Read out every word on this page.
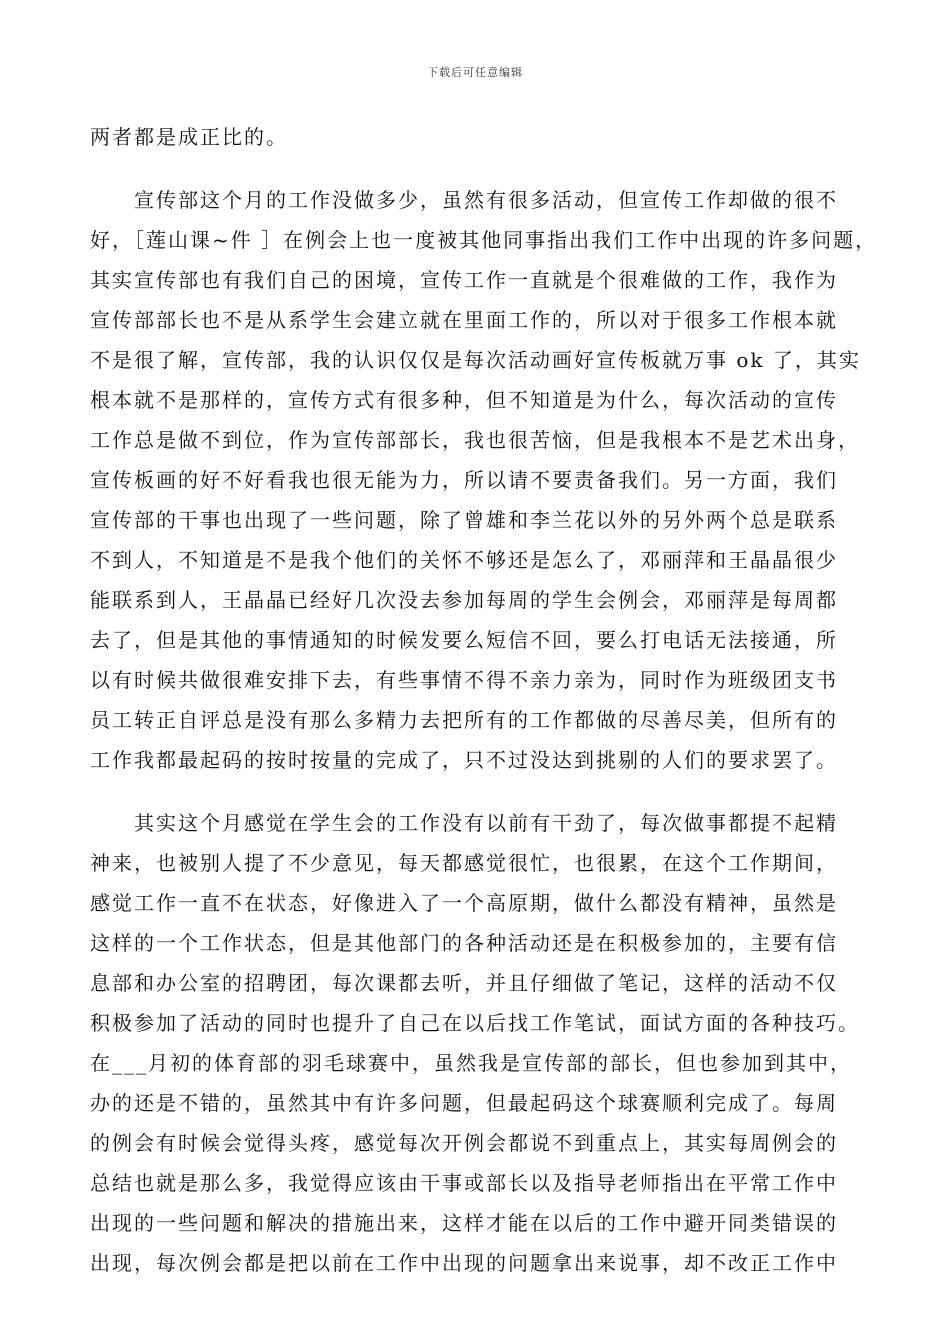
下载后可任意编辑
两者都是成正比的。
宣传部这个月的工作没做多少，虽然有很多活动，但宣传工作却做的很不
好，［莲山课~件 ］在例会上也一度被其他同事指出我们工作中出现的许多问题，
其实宣传部也有我们自己的困境，宣传工作一直就是个很难做的工作，我作为
宣传部部长也不是从系学生会建立就在里面工作的，所以对于很多工作根本就
不是很了解，宣传部，我的认识仅仅是每次活动画好宣传板就万事 ok 了，其实
根本就不是那样的，宣传方式有很多种，但不知道是为什么，每次活动的宣传
工作总是做不到位，作为宣传部部长，我也很苦恼，但是我根本不是艺术出身，
宣传板画的好不好看我也很无能为力，所以请不要责备我们。另一方面，我们
宣传部的干事也出现了一些问题，除了曾雄和李兰花以外的另外两个总是联系
不到人，不知道是不是我个他们的关怀不够还是怎么了，邓丽萍和王晶晶很少
能联系到人，王晶晶已经好几次没去参加每周的学生会例会，邓丽萍是每周都
去了，但是其他的事情通知的时候发要么短信不回，要么打电话无法接通，所
以有时候共做很难安排下去，有些事情不得不亲力亲为，同时作为班级团支书
员工转正自评总是没有那么多精力去把所有的工作都做的尽善尽美，但所有的
工作我都最起码的按时按量的完成了，只不过没达到挑剔的人们的要求罢了。
其实这个月感觉在学生会的工作没有以前有干劲了，每次做事都提不起精
神来，也被别人提了不少意见，每天都感觉很忙，也很累，在这个工作期间，
感觉工作一直不在状态，好像进入了一个高原期，做什么都没有精神，虽然是
这样的一个工作状态，但是其他部门的各种活动还是在积极参加的，主要有信
息部和办公室的招聘团，每次课都去听，并且仔细做了笔记，这样的活动不仅
积极参加了活动的同时也提升了自己在以后找工作笔试，面试方面的各种技巧。
在___月初的体育部的羽毛球赛中，虽然我是宣传部的部长，但也参加到其中，
办的还是不错的，虽然其中有许多问题，但最起码这个球赛顺利完成了。每周
的例会有时候会觉得头疼，感觉每次开例会都说不到重点上，其实每周例会的
总结也就是那么多，我觉得应该由干事或部长以及指导老师指出在平常工作中
出现的一些问题和解决的措施出来，这样才能在以后的工作中避开同类错误的
出现，每次例会都是把以前在工作中出现的问题拿出来说事，却不改正工作中
